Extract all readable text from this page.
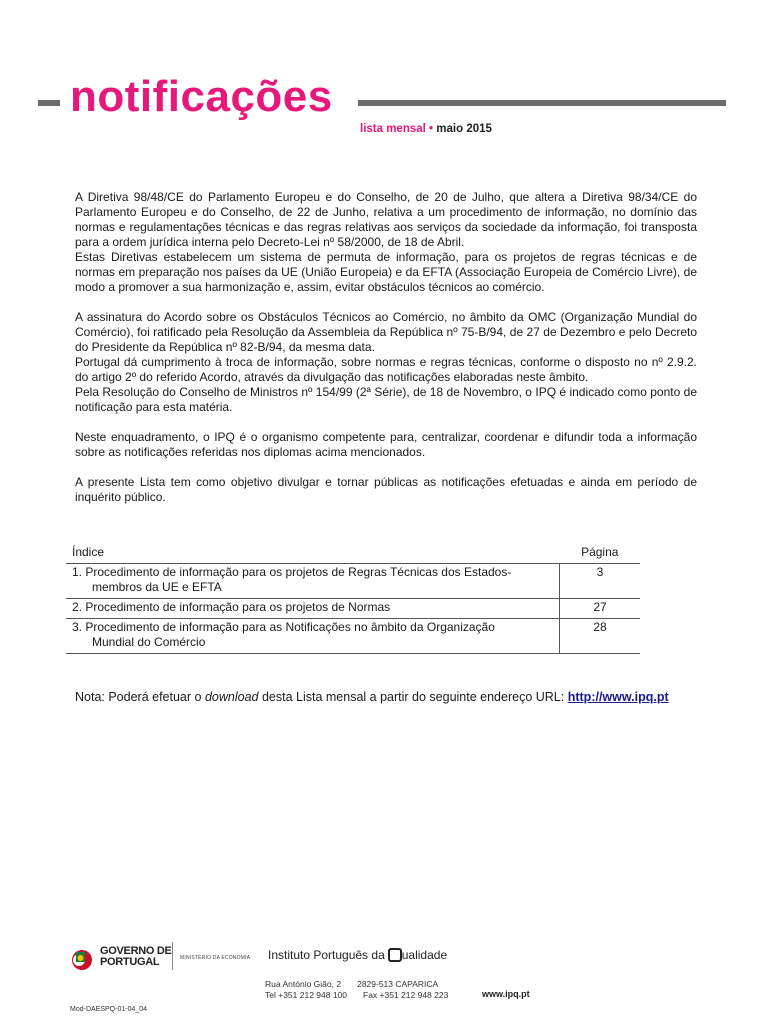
notificações
lista mensal • maio 2015

A Diretiva 98/48/CE do Parlamento Europeu e do Conselho, de 20 de Julho, que altera a Diretiva 98/34/CE do Parlamento Europeu e do Conselho, de 22 de Junho, relativa a um procedimento de informação, no domínio das normas e regulamentações técnicas e das regras relativas aos serviços da sociedade da informação, foi transposta para a ordem jurídica interna pelo Decreto-Lei nº 58/2000, de 18 de Abril.

Estas Diretivas estabelecem um sistema de permuta de informação, para os projetos de regras técnicas e de normas em preparação nos países da UE (União Europeia) e da EFTA (Associação Europeia de Comércio Livre), de modo a promover a sua harmonização e, assim, evitar obstáculos técnicos ao comércio.

A assinatura do Acordo sobre os Obstáculos Técnicos ao Comércio, no âmbito da OMC (Organização Mundial do Comércio), foi ratificado pela Resolução da Assembleia da República nº 75-B/94, de 27 de Dezembro e pelo Decreto do Presidente da República nº 82-B/94, da mesma data.

Portugal dá cumprimento à troca de informação, sobre normas e regras técnicas, conforme o disposto no nº 2.9.2. do artigo 2º do referido Acordo, através da divulgação das notificações elaboradas neste âmbito.

Pela Resolução do Conselho de Ministros nº 154/99 (2ª Série), de 18 de Novembro, o IPQ é indicado como ponto de notificação para esta matéria.

Neste enquadramento, o IPQ é o organismo competente para, centralizar, coordenar e difundir toda a informação sobre as notificações referidas nos diplomas acima mencionados.

A presente Lista tem como objetivo divulgar e tornar públicas as notificações efetuadas e ainda em período de inquérito público.

Índice	Página
1. Procedimento de informação para os projetos de Regras Técnicas dos Estados-
membros da UE e EFTA	3
2. Procedimento de informação para os projetos de Normas	27
3. Procedimento de informação para as Notificações no âmbito da Organização
Mundial do Comércio	28
Nota: Poderá efetuar o download desta Lista mensal a partir do seguinte endereço URL: http://www.ipq.pt
GOVERNO DE
PORTUGAL	MINISTÉRIO DA ECONOMIA Instituto Português da ualidade
Rua António Gião, 2 2829-513 CAPARICA
Tel +351 212 948 100 Fax +351 212 948 223	www.ipq.pt
Mod-DAESPQ-01-04_04
